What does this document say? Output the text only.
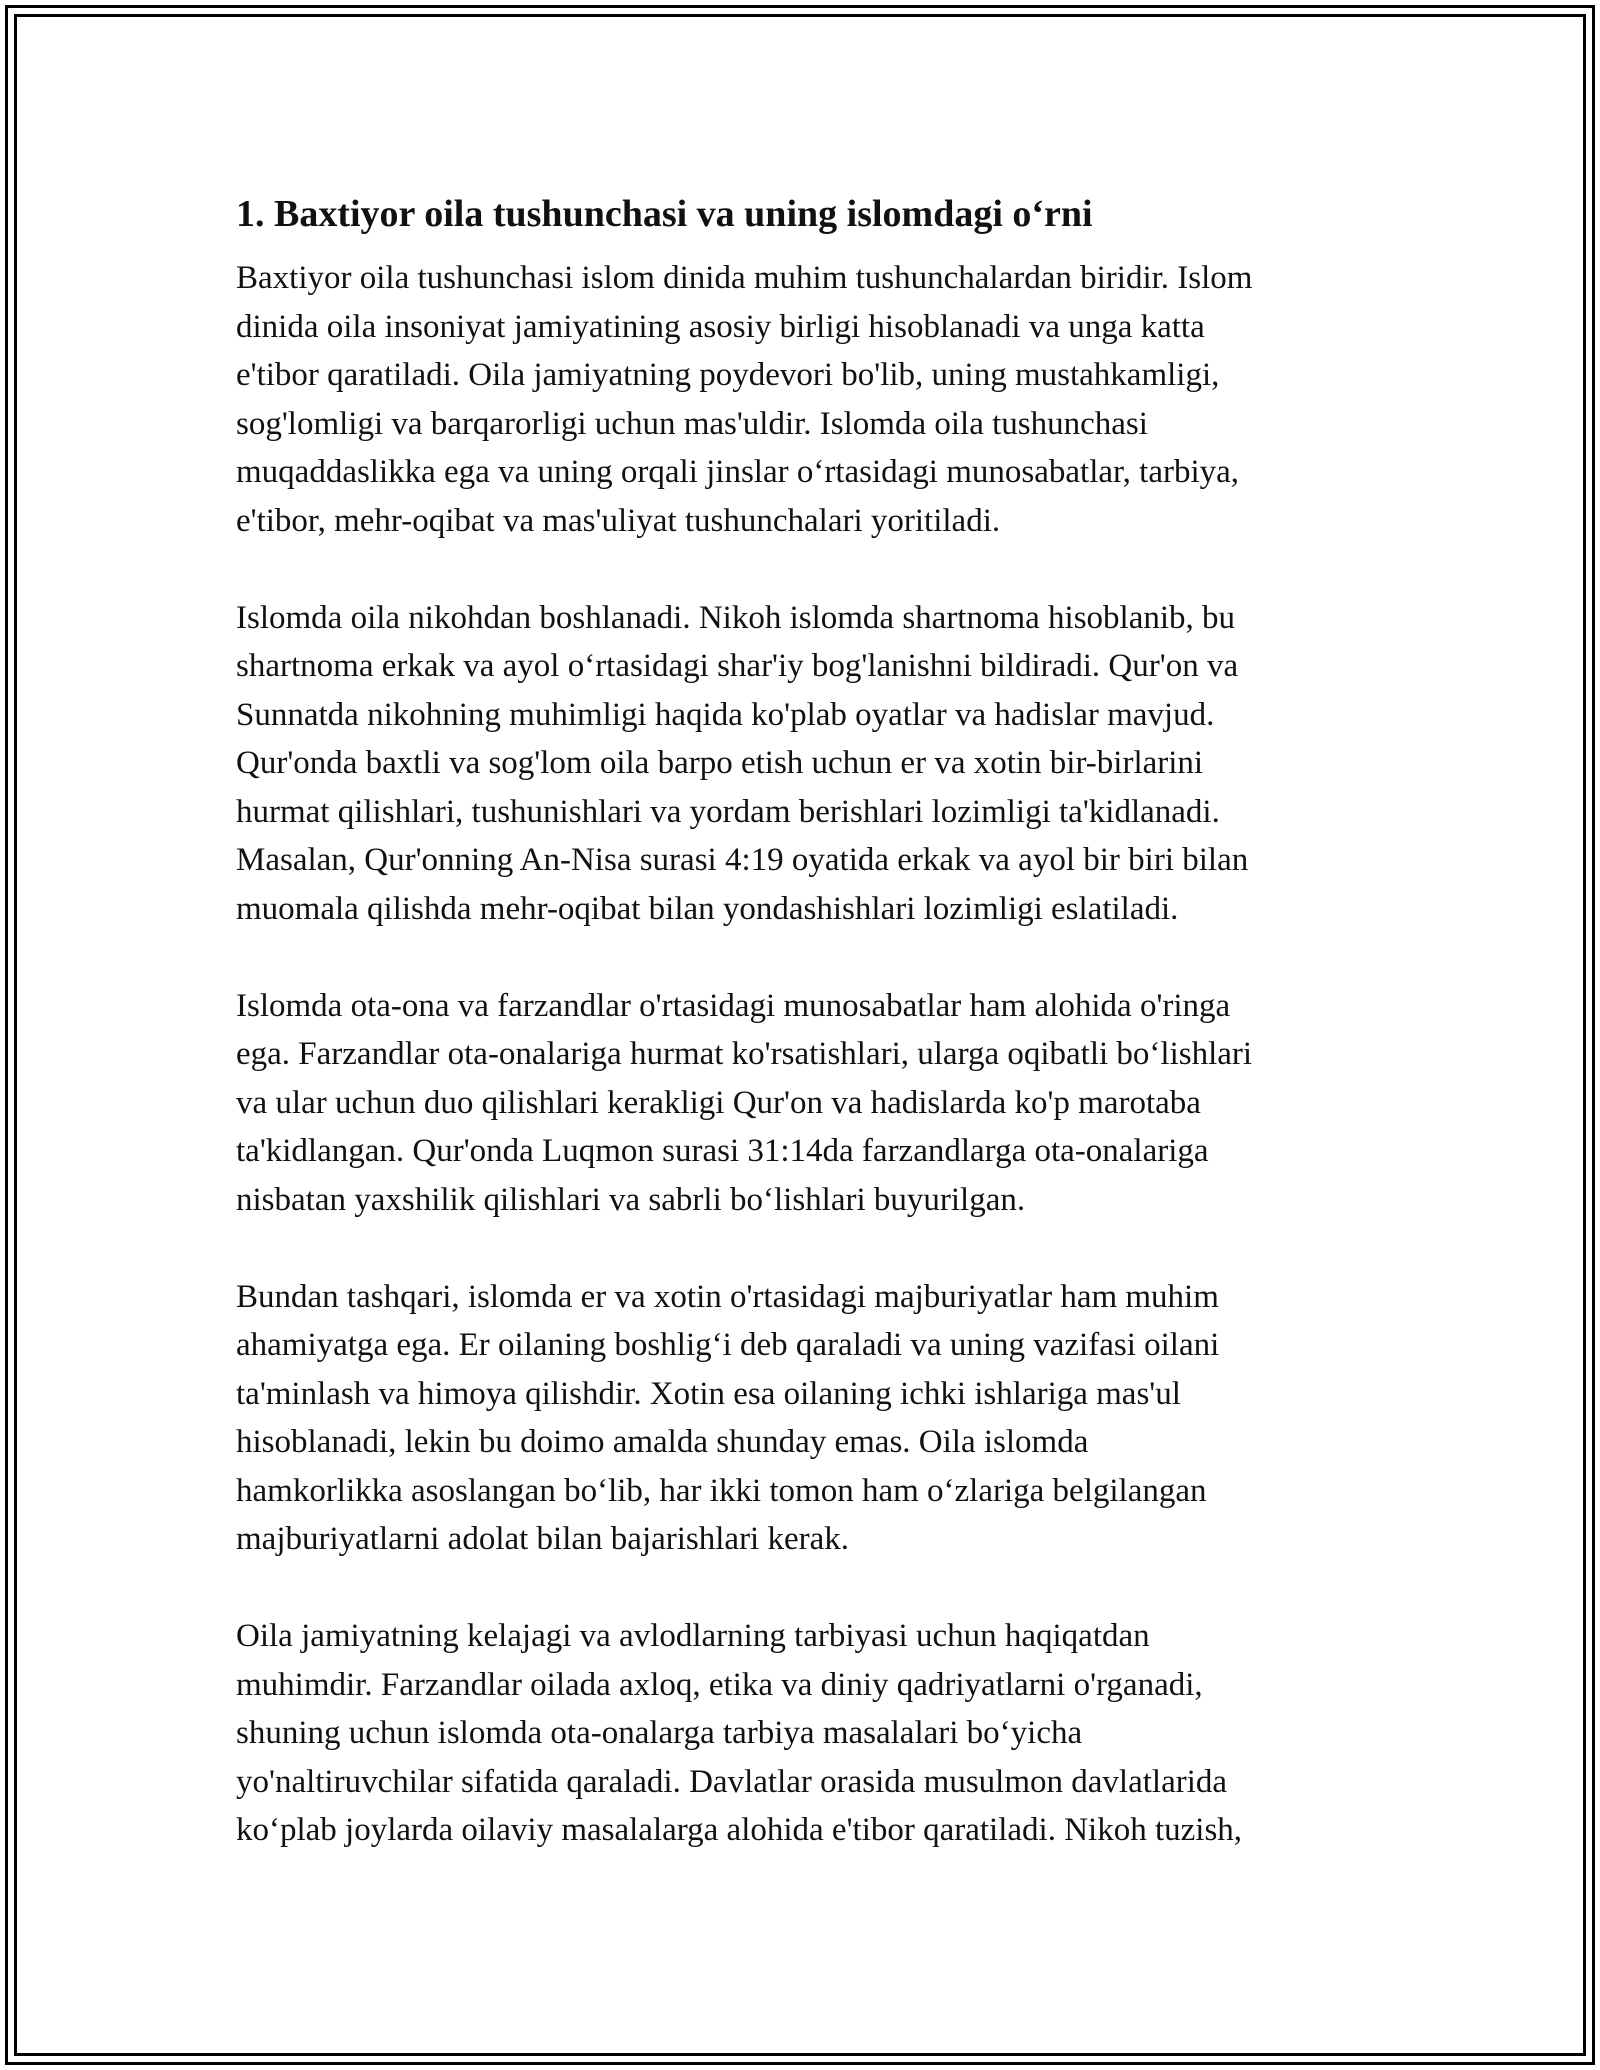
1. Baxtiyor oila tushunchasi va uning islomdagi o‘rni

Baxtiyor oila tushunchasi islom dinida muhim tushunchalardan biridir. Islom
dinida oila insoniyat jamiyatining asosiy birligi hisoblanadi va unga katta
e'tibor qaratiladi. Oila jamiyatning poydevori bo'lib, uning mustahkamligi,
sog'lomligi va barqarorligi uchun mas'uldir. Islomda oila tushunchasi
muqaddaslikka ega va uning orqali jinslar o‘rtasidagi munosabatlar, tarbiya,
e'tibor, mehr-oqibat va mas'uliyat tushunchalari yoritiladi.

Islomda oila nikohdan boshlanadi. Nikoh islomda shartnoma hisoblanib, bu
shartnoma erkak va ayol o‘rtasidagi shar'iy bog'lanishni bildiradi. Qur'on va
Sunnatda nikohning muhimligi haqida ko'plab oyatlar va hadislar mavjud.
Qur'onda baxtli va sog'lom oila barpo etish uchun er va xotin bir-birlarini
hurmat qilishlari, tushunishlari va yordam berishlari lozimligi ta'kidlanadi.
Masalan, Qur'onning An-Nisa surasi 4:19 oyatida erkak va ayol bir biri bilan
muomala qilishda mehr-oqibat bilan yondashishlari lozimligi eslatiladi.

Islomda ota-ona va farzandlar o'rtasidagi munosabatlar ham alohida o'ringa
ega. Farzandlar ota-onalariga hurmat ko'rsatishlari, ularga oqibatli bo‘lishlari
va ular uchun duo qilishlari kerakligi Qur'on va hadislarda ko'p marotaba
ta'kidlangan. Qur'onda Luqmon surasi 31:14da farzandlarga ota-onalariga
nisbatan yaxshilik qilishlari va sabrli bo‘lishlari buyurilgan.

Bundan tashqari, islomda er va xotin o'rtasidagi majburiyatlar ham muhim
ahamiyatga ega. Er oilaning boshlig‘i deb qaraladi va uning vazifasi oilani
ta'minlash va himoya qilishdir. Xotin esa oilaning ichki ishlariga mas'ul
hisoblanadi, lekin bu doimo amalda shunday emas. Oila islomda
hamkorlikka asoslangan bo‘lib, har ikki tomon ham o‘zlariga belgilangan
majburiyatlarni adolat bilan bajarishlari kerak.

Oila jamiyatning kelajagi va avlodlarning tarbiyasi uchun haqiqatdan
muhimdir. Farzandlar oilada axloq, etika va diniy qadriyatlarni o'rganadi,
shuning uchun islomda ota-onalarga tarbiya masalalari bo‘yicha
yo'naltiruvchilar sifatida qaraladi. Davlatlar orasida musulmon davlatlarida
ko‘plab joylarda oilaviy masalalarga alohida e'tibor qaratiladi. Nikoh tuzish,
